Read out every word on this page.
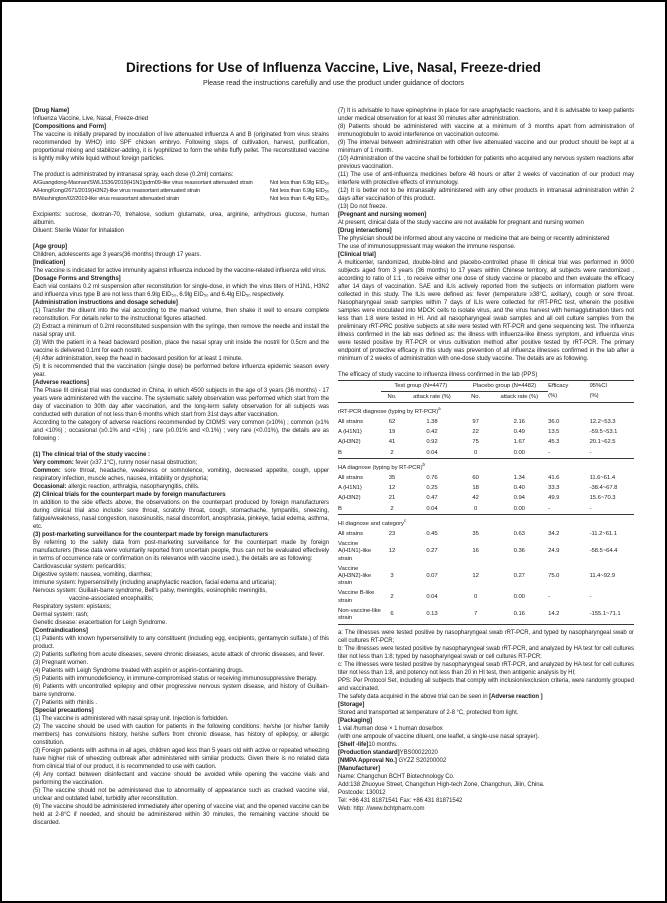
Directions for Use of Influenza Vaccine, Live, Nasal, Freeze-dried

Please read the instructions carefully and use the product under guidance of doctors

[Drug Name]

Influenza Vaccine, Live, Nasal, Freeze-dried

[Compositions and Form]

The vaccine is initially prepared by inoculation of live attenuated influenza A and B (originated from virus strains recommended by WHO) into SPF chicken embryo. Following steps of cultivation, harvest, purification, proportional mixing and stabilizer-adding, it is lyophilized to form the white fluffy pellet. The reconstituted vaccine is lightly milky white liquid without foreign particles.

The product is administrated by intranasal spray, each dose (0.2ml) contains:

A/Guangdong-Maonan/SWL1536/2019(H1N1)pdm09-like virus reassortant attenuated strain	Not less than 6.9lg EID₅₀

A/HongKong/2671/2019(H3N2)-like virus reassortant attenuated strain	Not less than 6.9lg EID₅₀

B/Washington/02/2019-like virus reassortant attenuated strain	Not less than 6.4lg EID₅₀

Excipients: sucrose, dextran-70, trehalose, sodium glutamate, urea, arginine, anhydrous glucose, human albumin.

Diluent: Sterile Water for Inhalation

[Age group]

Children, adolescents age 3 years(36 months) through 17 years.

[Indication]

The vaccine is indicated for active immunity against influenza induced by the vaccine-related influenza wild virus.

[Dosage Forms and Strengths]

Each vial contains 0.2 ml suspension after reconstitution for single-dose, in which the virus titers of H1N1, H3N2 and influenza virus type B are not less than 6.9lg EID₅₀, 6.9lg EID₅₀ and 6.4lg EID₅₀ respectively.

[Administration instructions and dosage schedule]

(1) Transfer the diluent into the vial according to the marked volume, then shake it well to ensure complete reconstitution. For details refer to the instructional figures attached.

(2) Extract a minimum of 0.2ml reconstituted suspension with the syringe, then remove the needle and install the nasal spray unit.

(3) With the patient in a head backward position, place the nasal spray unit inside the nostril for 0.5cm and the vaccine is delivered 0.1ml for each nostril.

(4) After administration, keep the head in backward position for at least 1 minute.

(5) It is recommended that the vaccination (single dose) be performed before influenza epidemic season every year.

[Adverse reactions]

The Phase III clinical trial was conducted in China, in which 4500 subjects in the age of 3 years (36 months) - 17 years were administered with the vaccine. The systematic safety observation was performed which start from the day of vaccination to 30th day after vaccination, and the long-term safety observation for all subjects was conducted with duration of not less than 6 months which start from 31st days after vaccination.

According to the category of adverse reactions recommended by CIOMS: very common (≥10%) ; common (≥1% and <10%) ; occasional (≥0.1% and <1%) ; rare (≥0.01% and <0.1%) ; very rare (<0.01%), the details are as following :

(1) The clinical trial of the study vaccine :

Very common: fever (≥37.1°C), runny nose/ nasal obstruction;

Common: sore throat, headache, weakness or somnolence, vomiting, decreased appetite, cough, upper respiratory infection, muscle aches, nausea, irritability or dysphoria;

Occasional: allergic reaction, arthralgia, nasopharyngitis, chills.

(2) Clinical trials for the counterpart made by foreign manufacturers

In addition to the side effects above, the observations on the counterpart produced by foreign manufacturers during clinical trial also include: sore throat, scratchy throat, cough, stomachache, tympanitis, sneezing, fatigue/weakness, nasal congestion, nasosinusitis, nasal discomfort, anosphrasia, pinkeye, facial edema, asthma, etc.

(3) post-marketing surveillance for the counterpart made by foreign manufacturers

By referring to the safety data from post-marketing surveillance for the counterpart made by foreign manufacturers (these data were voluntarily reported from uncertain people, thus can not be evaluated effectively in terms of occurrence rate or confirmation on its relevance with vaccine used.), the details are as following:

Cardiovascular system: pericarditis;

Digestive system: nausea, vomiting, diarrhea;

Immune system: hypersensitivity (including anaphylactic reaction, facial edema and urticaria);

Nervous system: Guillain-barre syndrome, Bell's palsy, meningitis, eosinophilic meningitis,

vaccine-associated encephalitis;

Respiratory system: epistaxis;

Dermal system: rash;

Genetic disease: exacerbation for Leigh Syndrome.

[Contraindications]

(1) Patients with known hypersensitivity to any constituent (including egg, excipients, gentamycin sulfate.) of this product.

(2) Patients suffering from acute diseases, severe chronic diseases, acute attack of chronic diseases, and fever.

(3) Pregnant women.

(4) Patients with Leigh Syndrome treated with aspirin or aspirin-containing drugs.

(5) Patients with immunodeficiency, in immune-compromised status or receiving immunosuppressive therapy.

(6) Patients with uncontrolled epilepsy and other progressive nervous system disease, and history of Guillain-barre syndrome.

(7) Patients with rhinitis .

[Special precautions]

(1) The vaccine is administered with nasal spray unit. Injection is forbidden.

(2) The vaccine should be used with caution for patients in the following conditions: he/she (or his/her family members) has convulsions history, he/she suffers from chronic disease, has history of epilepsy, or allergic constitution.

(3) Foreign patients with asthma in all ages, children aged less than 5 years old with active or repeated wheezing have higher risk of wheezing outbreak after administered with similar products. Given there is no related data from clinical trial of our product, it is recommended to use with caution.

(4) Any contact between disinfectant and vaccine should be avoided while opening the vaccine vials and performing the vaccination.

(5) The vaccine should not be administered due to abnormality of appearance such as cracked vaccine vial, unclear and outdated label, turbidity after reconstitution.

(6) The vaccine should be administered immediately after opening of vaccine vial; and the opened vaccine can be held at 2-8°C if needed, and should be administered within 30 minutes, the remaining vaccine should be discarded.

(7) It is advisable to have epinephrine in place for rare anaphylactic reactions, and it is advisable to keep patients under medical observation for at least 30 minutes after administration.

(8) Patients should be administered with vaccine at a minimum of 3 months apart from administration of immunoglobulin to avoid interference on vaccination outcome.

(9) The interval between administration with other live attenuated vaccine and our product should be kept at a minimum of 1 month.

(10) Administration of the vaccine shall be forbidden for patients who acquired any nervous system reactions after previous vaccination.

(11) The use of anti-influenza medicines before 48 hours or after 2 weeks of vaccination of our product may interfere with protective effects of immunology.

(12) It is better not to be intranasally administered with any other products in intranasal administration within 2 days after vaccination of this product.

(13) Do not freeze.

[Pregnant and nursing women]

At present, clinical data of the study vaccine are not available for pregnant and nursing women

[Drug interactions]

The physician should be informed about any vaccine or medicine that are being or recently administered

The use of immunosuppressant may weaken the immune response.

[Clinical trial]

A multicenter, randomized, double-blind and placebo-controlled phase III clinical trial was performed in 9000 subjects aged from 3 years (36 months) to 17 years within Chinese territory, all subjects were randomized , according to ratio of 1:1 , to receive either one dose of study vaccine or placebo and then evaluate the efficacy after 14 days of vaccination. SAE and ILIs actively reported from the subjects on information platform were collected in this study. The ILIs were defined as: fever (temperature ≥38°C, axillary), cough or sore throat. Nasopharyngeal swab samples within 7 days of ILIs were collected for rRT-PRC test, wherein the positive samples were inoculated into MDCK cells to isolate virus, and the virus harvest with hemagglutination titers not less than 1:8 were tested in HI. And all nasopharyngeal swab samples and all cell culture samples from the preliminary rRT-PRC positive subjects at site were tested with RT-PCR and gene sequencing test. The influenza illness confirmed in the lab was defined as: the illness with influenza-like illness symptom, and influenza virus were tested positive by RT-PCR or virus cultivation method after positive tested by rRT-PCR. The primary endpoint of protective efficacy in this study was prevention of all influenza illnesses confirmed in the lab after a minimum of 2 weeks of administration with one-dose study vaccine. The details are as following.

The efficacy of study vaccine to influenza illness confirmed in the lab (PPS)

	Test group (N=4477)		Placebo group (N=4482)		Efficacy	95%CI
	No.	attack rate (%)	No.	attack rate (%)	(%)	(%)
rRT-PCR diagnose (typing by RT-PCR)$^a$
All strains	62	1.38	97	2.16	36.0	12.2~53.3
A (H1N1)	19	0.42	22	0.49	13.5	-59.5~53.1
A(H3N2)	41	0.92	75	1.67	45.3	20.1~62.5
B	2	0.04	0	0.00	-	-
HA diagnose (typing by RT-PCR)$^b$
All strains	35	0.76	60	1.34	41.6	11.6~61.4
A (H1N1)	12	0.25	18	0.40	33.3	-38.4~67.8
A(H3N2)	21	0.47	42	0.94	49.9	15.6~70.3
B	2	0.04	0	0.00	-	-
HI diagnose and category$^c$
All strains	23	0.45	35	0.63	34.2	-11.2~61.1
Vaccine A(H1N1)-like strain	12	0.27	16	0.36	24.9	-58.5~64.4
Vaccine A(H3N2)-like strain	3	0.07	12	0.27	75.0	11.4~92.9
Vaccine B-like strain	2	0.04	0	0.00	-	-
Non-vaccine-like strain	6	0.13	7	0.16	14.2	-155.1~71.1

a: The illnesses were tested positive by nasopharyngeal swab rRT-PCR, and typed by nasopharyngeal swab or cell cultures RT-PCR;

b: The illnesses were tested positive by nasopharyngeal swab rRT-PCR, and analyzed by HA test for cell cultures titer not less than 1:8; typed by nasopharyngeal swab or cell cultures RT-PCR;

c: The illnesses were tested positive by nasopharyngeal swab rRT-PCR, and analyzed by HA test for cell cultures titer not less than 1:8, and potency not less than 20 in HI test, then antigenic analysis by HI;

PPS: Per Protocol Set, including all subjects that comply with inclusion/exclusion criteria, were randomly grouped and vaccinated.

The safety data acquired in the above trial can be seen in [Adverse reaction ]

[Storage]

Stored and transported at temperature of 2-8 °C, protected from light.

[Packaging]

1 vial /human dose × 1 human dose/box

(with one ampoule of vaccine diluent, one leaflet, a single-use nasal sprayer).

[Shelf -life]10 months.

[Production standard]YBS00022020

[NMPA Approval No.] GYZZ S20200002

[Manufacturer]

Name: Changchun BCHT Biotechnology Co.

Add:138 Zhuoyue Street, Changchun High-tech Zone, Changchun, Jilin, China.

Postcode: 130012

Tel: +86 431 81871541 Fax: +86 431 81871542

Web: http: //www.bchtpharm.com
